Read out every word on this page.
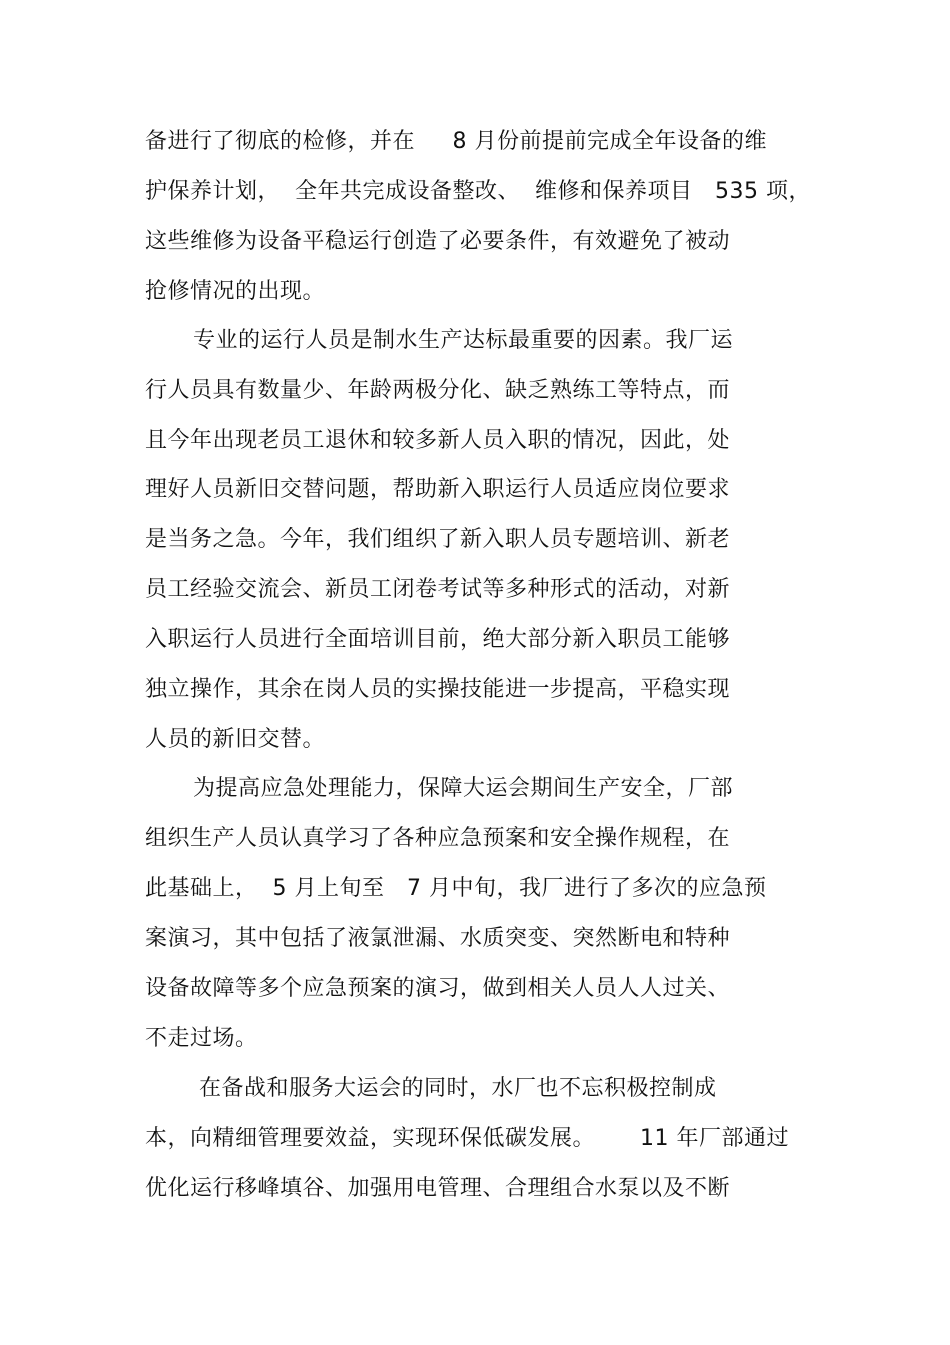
备进行了彻底的检修，并在　  8 月份前提前完成全年设备的维
护保养计划，  全年共完成设备整改、  维修和保养项目   535 项，
这些维修为设备平稳运行创造了必要条件，有效避免了被动
抢修情况的出现。
专业的运行人员是制水生产达标最重要的因素。我厂运
行人员具有数量少、年龄两极分化、缺乏熟练工等特点，而
且今年出现老员工退休和较多新人员入职的情况，因此，处
理好人员新旧交替问题，帮助新入职运行人员适应岗位要求
是当务之急。今年，我们组织了新入职人员专题培训、新老
员工经验交流会、新员工闭卷考试等多种形式的活动，对新
入职运行人员进行全面培训目前，绝大部分新入职员工能够
独立操作，其余在岗人员的实操技能进一步提高，平稳实现
人员的新旧交替。
为提高应急处理能力，保障大运会期间生产安全，厂部
组织生产人员认真学习了各种应急预案和安全操作规程，在
此基础上，  5 月上旬至   7 月中旬，我厂进行了多次的应急预
案演习，其中包括了液氯泄漏、水质突变、突然断电和特种
设备故障等多个应急预案的演习，做到相关人员人人过关、
不走过场。
在备战和服务大运会的同时，水厂也不忘积极控制成
本，向精细管理要效益，实现环保低碳发展。      11 年厂部通过
优化运行移峰填谷、加强用电管理、合理组合水泵以及不断
